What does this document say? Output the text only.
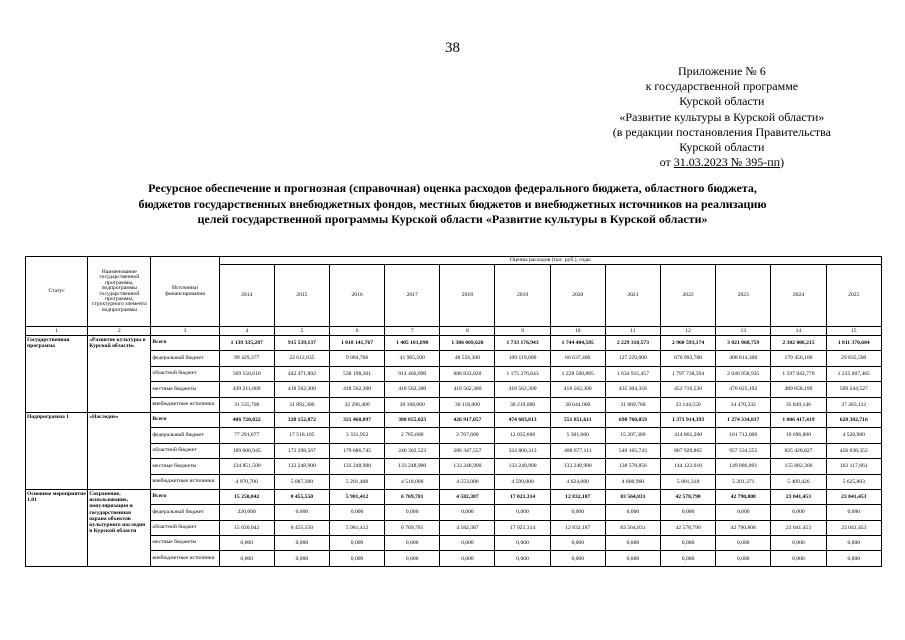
38
Приложение № 6
к государственной программе
Курской области
«Развитие культуры в Курской области»
(в редакции постановления Правительства
Курской области
от 31.03.2023 № 395-пп)
Ресурсное обеспечение и прогнозная (справочная) оценка расходов федерального бюджета, областного бюджета,
бюджетов государственных внебюджетных фондов, местных бюджетов и внебюджетных источников на реализацию
целей государственной программы Курской области «Развитие культуры в Курской области»
Статус	Наименование государственной программы, подпрограммы государственной программы, структурного элемента подпрограммы	Источники финансирования	Оценка расходов (тыс. руб.), годы											
			2014	2015	2016	2017	2018	2019	2020	2021	2022	2023	2024	2025
1	2	3	4	5	6	7	8	9	10	11	12	13	14	15
Государственная программа	«Развитие культуры в Курской области»	Всего	1 139 335,287	915 539,137	1 018 141,767	1 405 101,890	1 386 069,620	1 733 176,943	1 744 404,585	2 229 318,573	2 960 593,174	3 021 068,759	2 302 006,215	1 811 370,604
		федеральный бюджет	99 429,377	22 612,635	9 084,766	41 905,500	48 556,300	109 119,000	66 637,400	127 229,000	676 993,700	408 814,300	179 456,100	29 835,500
		областной бюджет	569 158,610	442 471,892	538 198,301	914 466,090	888 833,020	1 175 276,643	1 228 560,885	1 634 915,457	1 797 738,394	2 046 958,935	1 597 042,770	1 235 007,465
		местные бюджеты	439 211,600	418 562,300	418 562,300	418 562,300	418 562,300	418 562,300	418 562,300	435 304,356	452 716,530	470 825,192	489 658,199	509 244,527
		внебюджетные источники	31 535,700	31 892,300	32 296,400	30 168,000	30 118,000	30 219,000	30 644,000	31 869,760	33 144,550	34 470,332	35 849,146	37 283,112
Подпрограмма 1	«Наследие»	Всего	406 720,822	328 152,872	321 468,097	380 855,023	426 917,057	474 683,813	551 851,611	698 760,859	1 371 914,393	1 274 334,817	1 006 417,419	628 302,716
		федеральный бюджет	77 291,677	17 518,105	3 331,952	2 785,600	2 767,600	12 035,600	5 301,600	15 207,300	414 861,200	161 712,000	19 696,800	4 520,900
		областной бюджет	189 606,945	172 298,567	179 686,745	240 302,523	286 347,557	324 800,313	408 677,111	540 165,743	807 929,865	957 534,555	825 428,827	456 038,352
		местные бюджеты	134 851,500	133 248,900	133 248,900	133 248,900	133 248,900	133 248,900	133 248,900	138 578,856	144 122,010	149 886,891	155 882,366	162 117,661
		внебюджетные источники	4 970,700	5 087,300	5 201,400	4 518,000	4 553,000	4 599,000	4 624,000	4 808,960	5 001,318	5 201,371	5 409,426	5 625,803
Основное мероприятие 1.01	Сохранение, использование, популяризация и государственная охрана объектов культурного наследия в Курской области	Всего	15 250,042	8 455,550	5 981,412	6 769,781	4 582,387	17 021,314	12 832,187	83 564,831	42 578,790	42 790,808	23 041,453	23 041,453
		федеральный бюджет	220,000	0,000	0,000	0,000	0,000	0,000	0,000	0,000	0,000	0,000	0,000	0,000
		областной бюджет	15 030,042	8 455,550	5 981,412	6 769,781	4 582,387	17 021,314	12 832,187	83 564,831	42 578,790	42 790,808	23 041,453	23 041,453
		местные бюджеты	0,000	0,000	0,000	0,000	0,000	0,000	0,000	0,000	0,000	0,000	0,000	0,000
		внебюджетные источники	0,000	0,000	0,000	0,000	0,000	0,000	0,000	0,000	0,000	0,000	0,000	0,000
